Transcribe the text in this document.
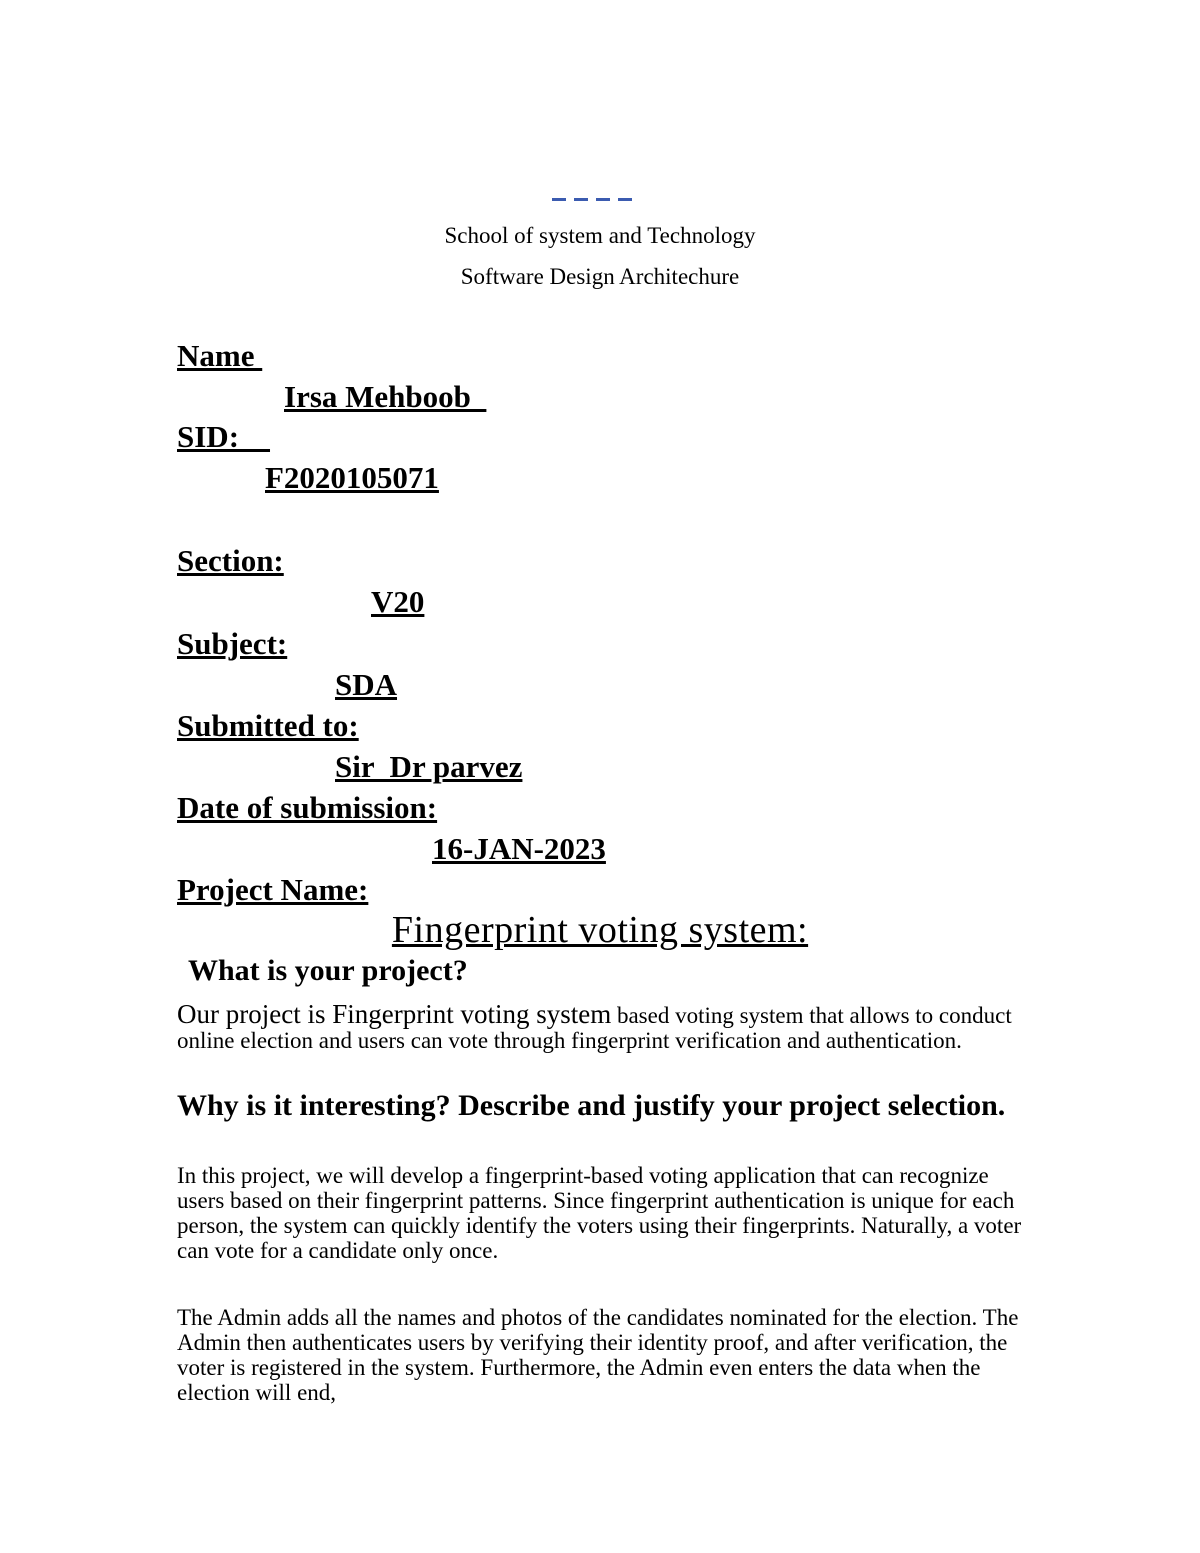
School of system and Technology
Software Design Architechure
Name
Irsa Mehboob
SID:
F2020105071
Section:
V20
Subject:
SDA
Submitted to:
Sir  Dr parvez
Date of submission:
16-JAN-2023
Project Name:
Fingerprint voting system:
What is your project?
Our project is Fingerprint voting system based voting system that allows to conduct online election and users can vote through fingerprint verification and authentication.
Why is it interesting? Describe and justify your project selection.
In this project, we will develop a fingerprint-based voting application that can recognize users based on their fingerprint patterns. Since fingerprint authentication is unique for each person, the system can quickly identify the voters using their fingerprints. Naturally, a voter can vote for a candidate only once.
The Admin adds all the names and photos of the candidates nominated for the election. The Admin then authenticates users by verifying their identity proof, and after verification, the voter is registered in the system. Furthermore, the Admin even enters the data when the election will end,
